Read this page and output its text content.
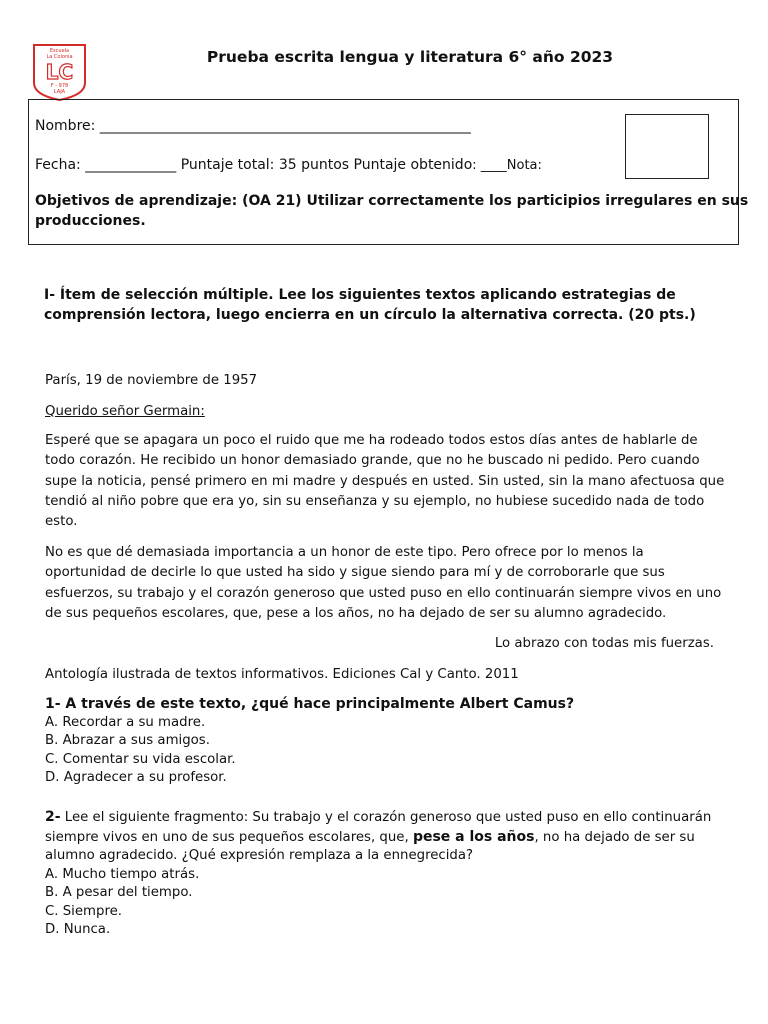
Escuela
La Colonia
LC
F - 978
LAJA
Prueba escrita lengua y literatura 6° año 2023
Nombre: _____________________________________________________
Fecha: _____________ Puntaje total: 35 puntos Puntaje obtenido: ____Nota:
Objetivos de aprendizaje: (OA 21) Utilizar correctamente los participios irregulares en sus
producciones.
I- Ítem de selección múltiple. Lee los siguientes textos aplicando estrategias de
comprensión lectora, luego encierra en un círculo la alternativa correcta. (20 pts.)
París, 19 de noviembre de 1957
Querido señor Germain:
Esperé que se apagara un poco el ruido que me ha rodeado todos estos días antes de hablarle de
todo corazón. He recibido un honor demasiado grande, que no he buscado ni pedido. Pero cuando
supe la noticia, pensé primero en mi madre y después en usted. Sin usted, sin la mano afectuosa que
tendió al niño pobre que era yo, sin su enseñanza y su ejemplo, no hubiese sucedido nada de todo
esto.
No es que dé demasiada importancia a un honor de este tipo. Pero ofrece por lo menos la
oportunidad de decirle lo que usted ha sido y sigue siendo para mí y de corroborarle que sus
esfuerzos, su trabajo y el corazón generoso que usted puso en ello continuarán siempre vivos en uno
de sus pequeños escolares, que, pese a los años, no ha dejado de ser su alumno agradecido.
Lo abrazo con todas mis fuerzas.
Antología ilustrada de textos informativos. Ediciones Cal y Canto. 2011
1- A través de este texto, ¿qué hace principalmente Albert Camus?
A. Recordar a su madre.
B. Abrazar a sus amigos.
C. Comentar su vida escolar.
D. Agradecer a su profesor.
2- Lee el siguiente fragmento: Su trabajo y el corazón generoso que usted puso en ello continuarán
siempre vivos en uno de sus pequeños escolares, que, pese a los años, no ha dejado de ser su
alumno agradecido. ¿Qué expresión remplaza a la ennegrecida?
A. Mucho tiempo atrás.
B. A pesar del tiempo.
C. Siempre.
D. Nunca.
